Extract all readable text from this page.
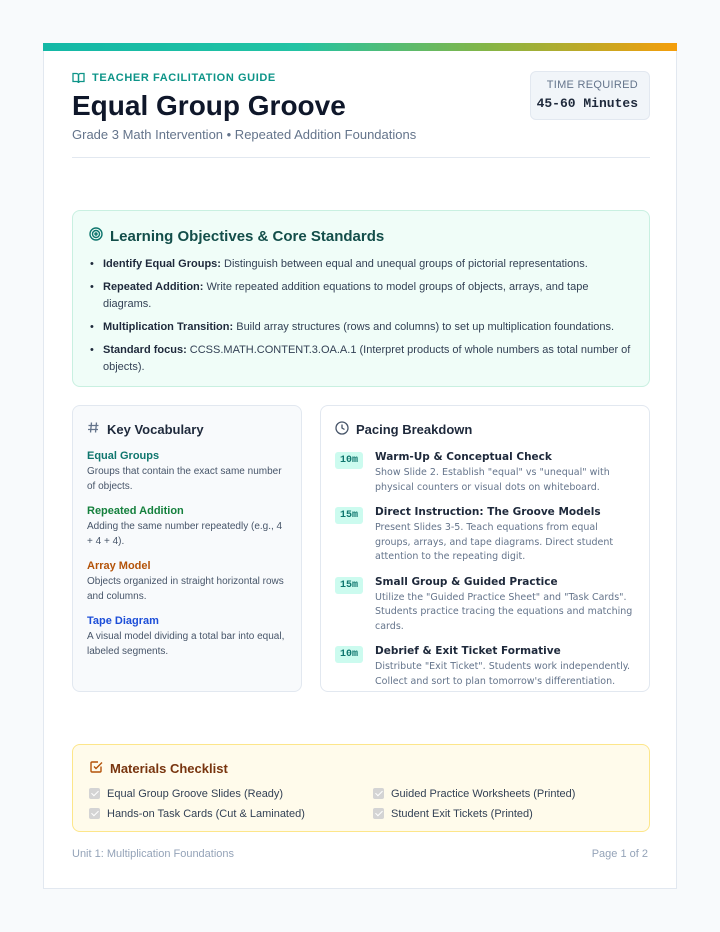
TEACHER FACILITATION GUIDE
Equal Group Groove
Grade 3 Math Intervention • Repeated Addition Foundations
TIME REQUIRED
45-60 Minutes
Learning Objectives & Core Standards
• Identify Equal Groups: Distinguish between equal and unequal groups of pictorial representations.
• Repeated Addition: Write repeated addition equations to model groups of objects, arrays, and tape diagrams.
• Multiplication Transition: Build array structures (rows and columns) to set up multiplication foundations.
• Standard focus: CCSS.MATH.CONTENT.3.OA.A.1 (Interpret products of whole numbers as total number of objects).
Key Vocabulary
Equal Groups
Groups that contain the exact same number of objects.
Repeated Addition
Adding the same number repeatedly (e.g., 4 + 4 + 4).
Array Model
Objects organized in straight horizontal rows and columns.
Tape Diagram
A visual model dividing a total bar into equal, labeled segments.
Pacing Breakdown
10m	Warm-Up & Conceptual Check
Show Slide 2. Establish "equal" vs "unequal" with physical counters or visual dots on whiteboard.
15m	Direct Instruction: The Groove Models
Present Slides 3-5. Teach equations from equal groups, arrays, and tape diagrams. Direct student attention to the repeating digit.
15m	Small Group & Guided Practice
Utilize the "Guided Practice Sheet" and "Task Cards". Students practice tracing the equations and matching cards.
10m	Debrief & Exit Ticket Formative
Distribute "Exit Ticket". Students work independently. Collect and sort to plan tomorrow's differentiation.
Materials Checklist
Equal Group Groove Slides (Ready)	Guided Practice Worksheets (Printed)
Hands-on Task Cards (Cut & Laminated)	Student Exit Tickets (Printed)
Unit 1: Multiplication Foundations	Page 1 of 2
